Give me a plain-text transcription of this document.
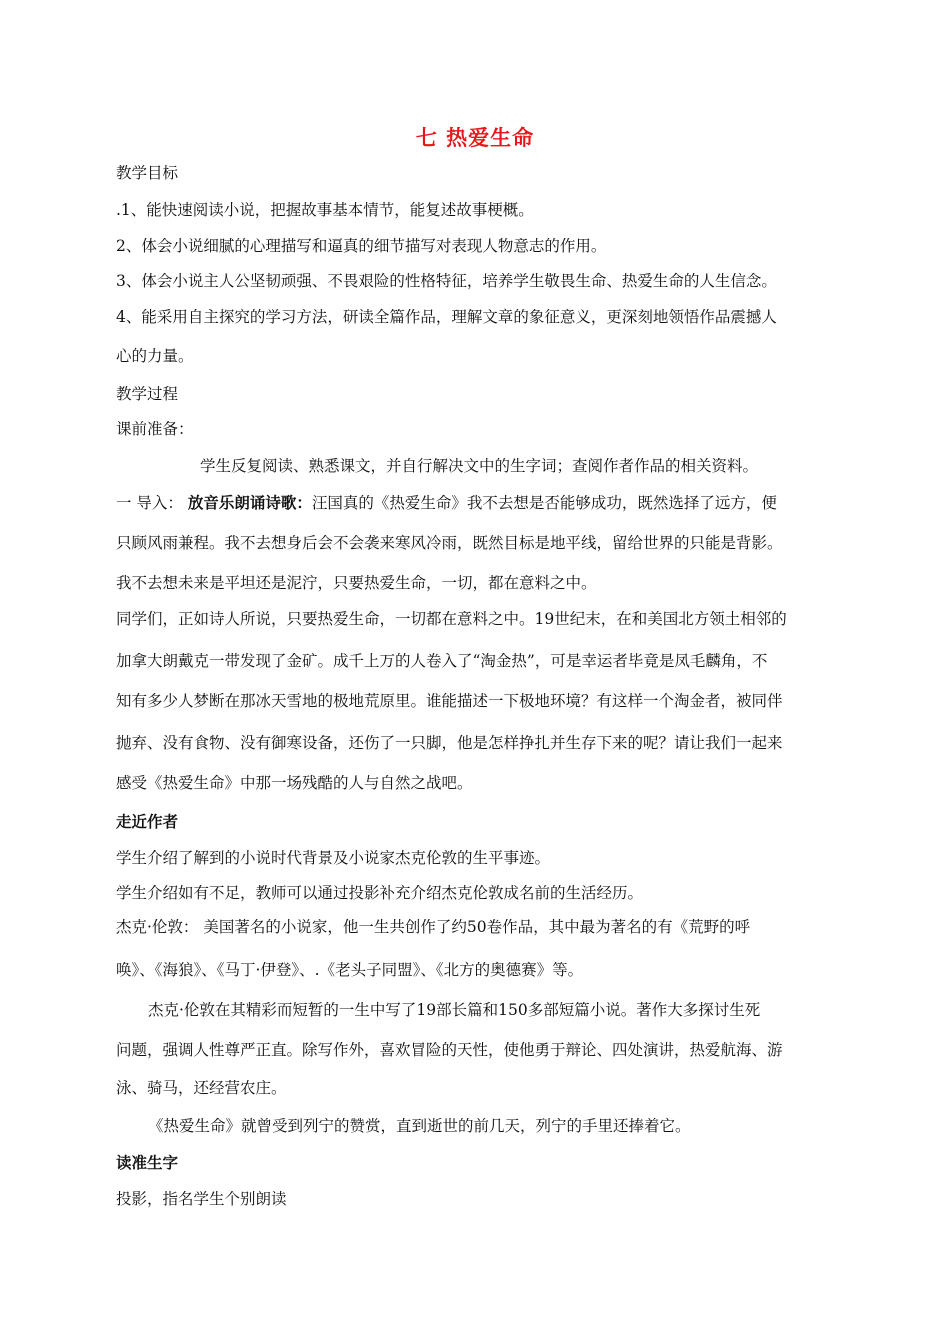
七 热爱生命
教学目标
.1、能快速阅读小说，把握故事基本情节，能复述故事梗概。
2、体会小说细腻的心理描写和逼真的细节描写对表现人物意志的作用。
3、体会小说主人公坚韧顽强、不畏艰险的性格特征，培养学生敬畏生命、热爱生命的人生信念。
4、能采用自主探究的学习方法，研读全篇作品，理解文章的象征意义，更深刻地领悟作品震撼人
心的力量。
教学过程
课前准备：
学生反复阅读、熟悉课文，并自行解决文中的生字词；查阅作者作品的相关资料。
一 导入： 放音乐朗诵诗歌：汪国真的《热爱生命》我不去想是否能够成功，既然选择了远方，便
只顾风雨兼程。我不去想身后会不会袭来寒风冷雨，既然目标是地平线，留给世界的只能是背影。
我不去想未来是平坦还是泥泞，只要热爱生命，一切，都在意料之中。
同学们，正如诗人所说，只要热爱生命，一切都在意料之中。19世纪末，在和美国北方领土相邻的
加拿大朗戴克一带发现了金矿。成千上万的人卷入了“淘金热”，可是幸运者毕竟是凤毛麟角，不
知有多少人梦断在那冰天雪地的极地荒原里。谁能描述一下极地环境？有这样一个淘金者，被同伴
抛弃、没有食物、没有御寒设备，还伤了一只脚，他是怎样挣扎并生存下来的呢？请让我们一起来
感受《热爱生命》中那一场残酷的人与自然之战吧。
走近作者
学生介绍了解到的小说时代背景及小说家杰克伦敦的生平事迹。
学生介绍如有不足，教师可以通过投影补充介绍杰克伦敦成名前的生活经历。
杰克·伦敦： 美国著名的小说家，他一生共创作了约50卷作品，其中最为著名的有《荒野的呼
唤》、《海狼》、《马丁·伊登》、.《老头子同盟》、《北方的奥德赛》等。
杰克·伦敦在其精彩而短暂的一生中写了19部长篇和150多部短篇小说。著作大多探讨生死
问题，强调人性尊严正直。除写作外，喜欢冒险的天性，使他勇于辩论、四处演讲，热爱航海、游
泳、骑马，还经营农庄。
《热爱生命》就曾受到列宁的赞赏，直到逝世的前几天，列宁的手里还捧着它。
读准生字
投影，指名学生个别朗读
